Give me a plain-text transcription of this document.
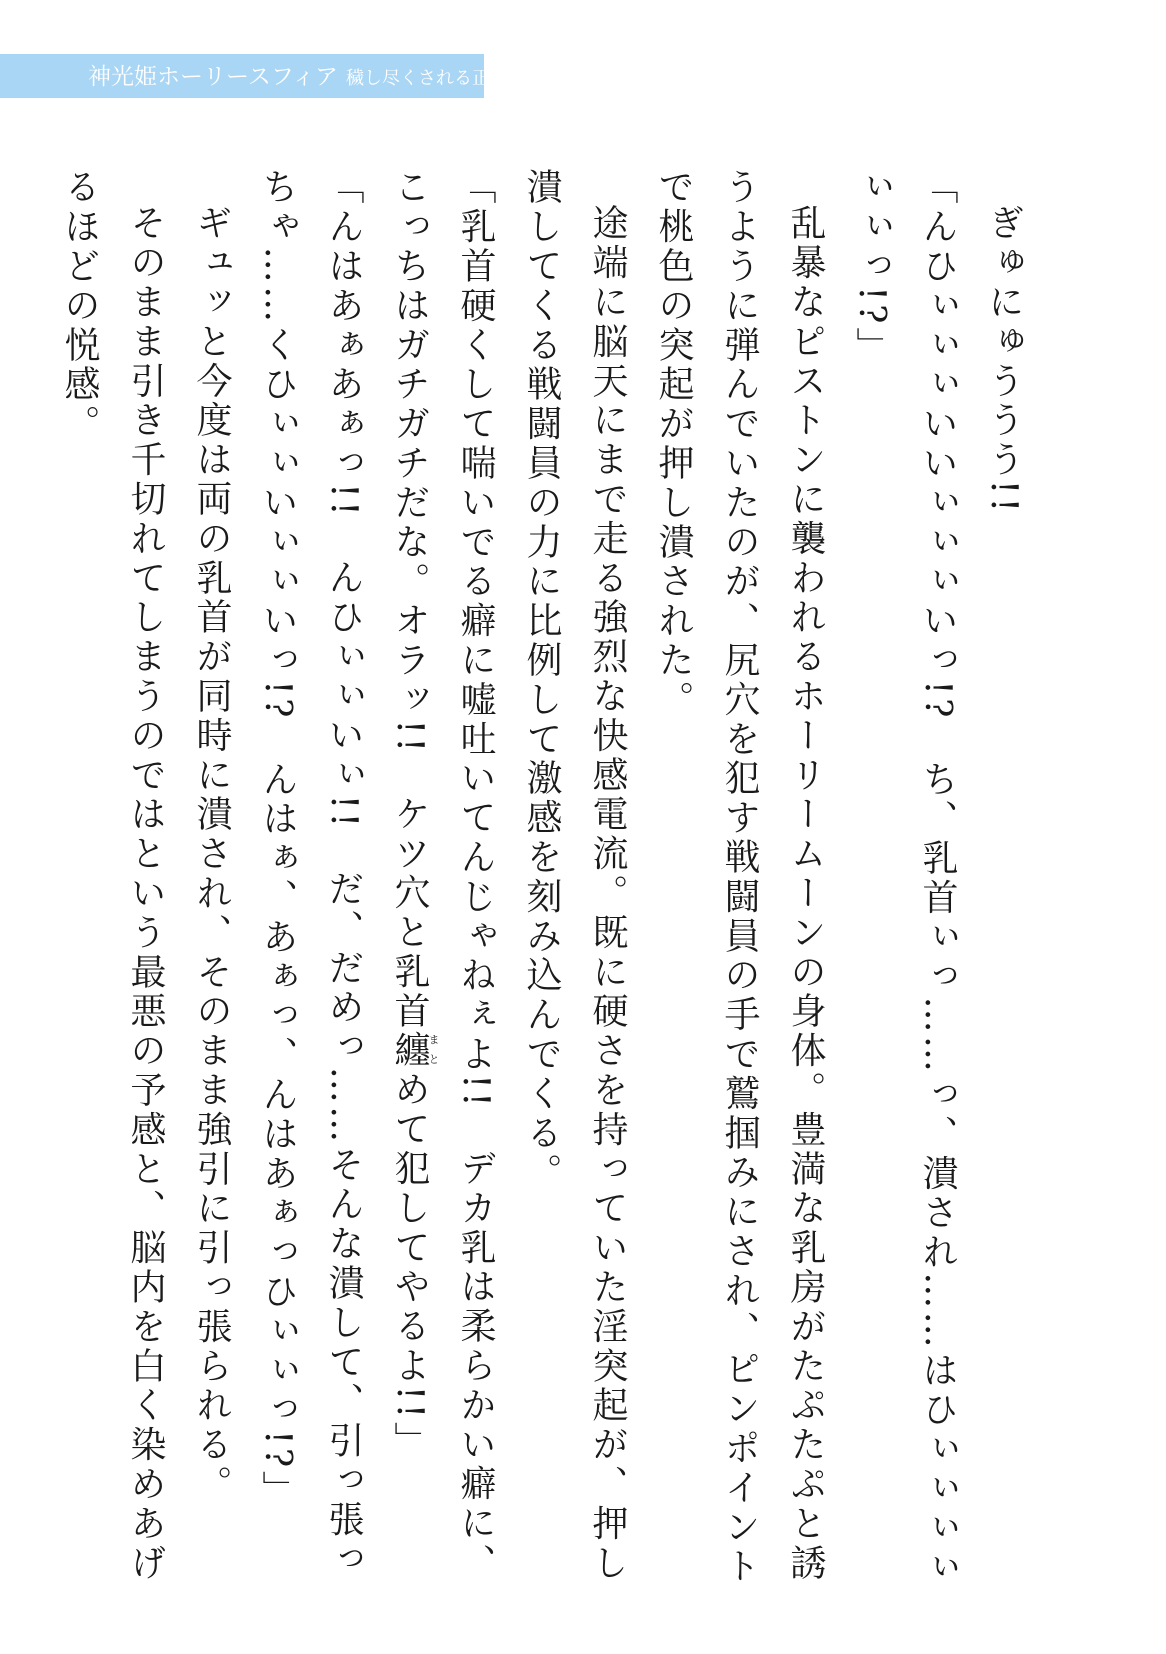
神光姫ホーリースフィア 穢し尽くされる正義

ぎゅにゅううう!!

「んひぃぃぃいいぃぃぃいっ!?　ち、乳首ぃっ……っ、潰され……はひぃぃぃぃぃぃっ!?」

乱暴なピストンに襲われるホーリームーンの身体。豊満な乳房がたぷたぷと誘うように弾んでいたのが、尻穴を犯す戦闘員の手で鷲掴みにされ、ピンポイントで桃色の突起が押し潰された。

途端に脳天にまで走る強烈な快感電流。既に硬さを持っていた淫突起が、押し潰してくる戦闘員の力に比例して激感を刻み込んでくる。

「乳首硬くして喘いでる癖に嘘吐いてんじゃねぇよ!!　デカ乳は柔らかい癖に、こっちはガチガチだな。オラッ!!　ケツ穴と乳首纏まとめて犯してやるよ!!」

「んはあぁあぁっ!!　んひぃぃいぃ!!　だ、だめっ……そんな潰して、引っ張っちゃ……くひぃぃいぃぃいっ!?　んはぁ、あぁっ、んはあぁっひぃぃっ!?」

ギュッと今度は両の乳首が同時に潰され、そのまま強引に引っ張られる。

そのまま引き千切れてしまうのではという最悪の予感と、脳内を白く染めあげるほどの悦感。
